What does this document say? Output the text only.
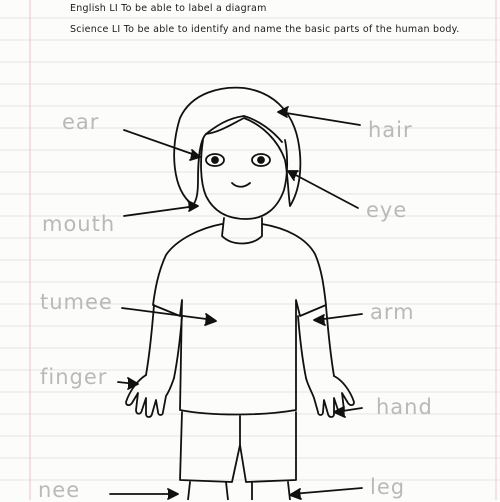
English LI To be able to label a diagram
Science LI To be able to identify and name the basic parts of the human body.
ear
mouth
tumee
finger
nee
hair
eye
arm
hand
leg
